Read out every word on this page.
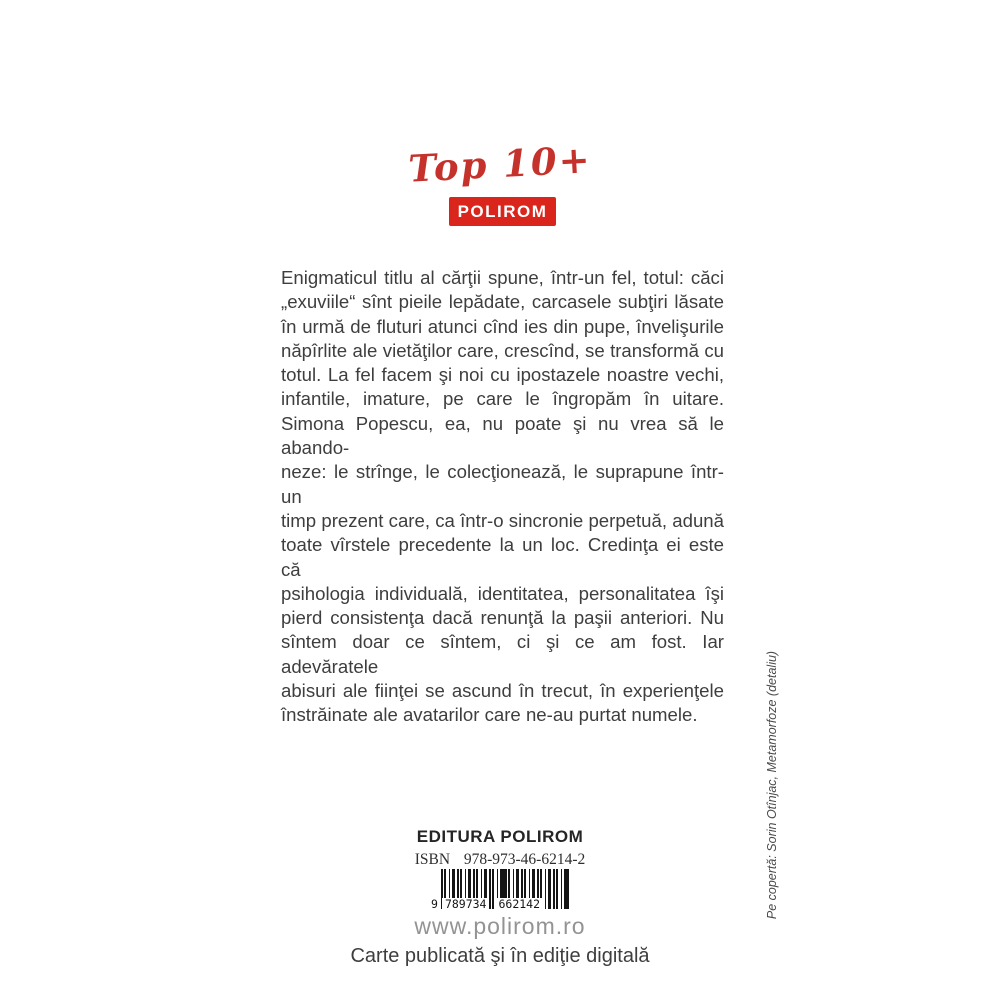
Top 10+
POLIROM
Enigmaticul titlu al cărţii spune, într-un fel, totul: căci
„exuviile“ sînt pieile lepădate, carcasele subţiri lăsate
în urmă de fluturi atunci cînd ies din pupe, învelişurile
năpîrlite ale vietăţilor care, crescînd, se transformă cu
totul. La fel facem şi noi cu ipostazele noastre vechi,
infantile, imature, pe care le îngropăm în uitare.
Simona Popescu, ea, nu poate şi nu vrea să le abando-
neze: le strînge, le colecţionează, le suprapune într-un
timp prezent care, ca într-o sincronie perpetuă, adună
toate vîrstele precedente la un loc. Credinţa ei este că
psihologia individuală, identitatea, personalitatea îşi
pierd consistenţa dacă renunţă la paşii anteriori. Nu
sîntem doar ce sîntem, ci şi ce am fost. Iar adevăratele
abisuri ale fiinţei se ascund în trecut, în experienţele
înstrăinate ale avatarilor care ne-au purtat numele.
Pe copertă: Sorin Otînjac, Metamorfoze (detaliu)
EDITURA POLIROM
ISBN 978-973-46-6214-2
9 789734 662142
www.polirom.ro
Carte publicată şi în ediţie digitală
